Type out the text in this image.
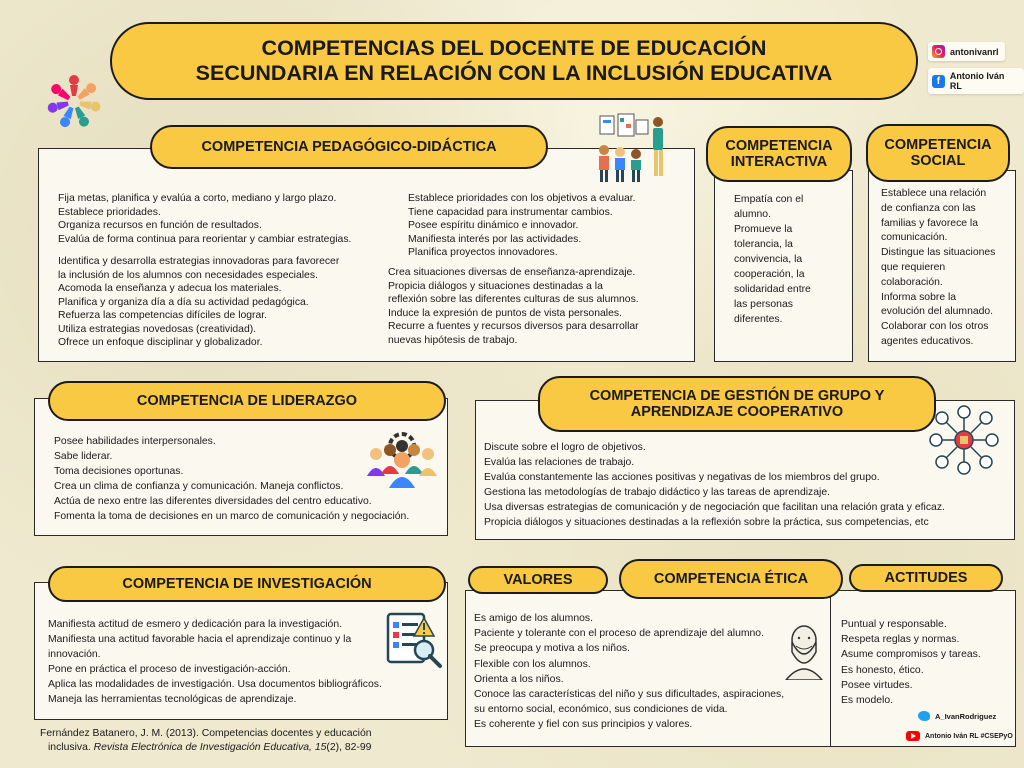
COMPETENCIAS DEL DOCENTE DE EDUCACIÓN
SECUNDARIA EN RELACIÓN CON LA INCLUSIÓN EDUCATIVA
antonivanrl
f	Antonio Iván RL
COMPETENCIA PEDAGÓGICO-DIDÁCTICA
Fija metas, planifica y evalúa a corto, mediano y largo plazo.
Establece prioridades.
Organiza recursos en función de resultados.
Evalúa de forma continua para reorientar y cambiar estrategias.
Identifica y desarrolla estrategias innovadoras para favorecer
la inclusión de los alumnos con necesidades especiales.
Acomoda la enseñanza y adecua los materiales.
Planifica y organiza día a día su actividad pedagógica.
Refuerza las competencias difíciles de lograr.
Utiliza estrategias novedosas (creatividad).
Ofrece un enfoque disciplinar y globalizador.
Establece prioridades con los objetivos a evaluar.
Tiene capacidad para instrumentar cambios.
Posee espíritu dinámico e innovador.
Manifiesta interés por las actividades.
Planifica proyectos innovadores.
Crea situaciones diversas de enseñanza-aprendizaje.
Propicia diálogos y situaciones destinadas a la
reflexión sobre las diferentes culturas de sus alumnos.
Induce la expresión de puntos de vista personales.
Recurre a fuentes y recursos diversos para desarrollar
nuevas hipótesis de trabajo.
COMPETENCIA
INTERACTIVA
Empatía con el
alumno.
Promueve la
tolerancia, la
convivencia, la
cooperación, la
solidaridad entre
las personas
diferentes.
COMPETENCIA
SOCIAL
Establece una relación
de confianza con las
familias y favorece la
comunicación.
Distingue las situaciones
que requieren
colaboración.
Informa sobre la
evolución del alumnado.
Colaborar con los otros
agentes educativos.
COMPETENCIA DE LIDERAZGO
Posee habilidades interpersonales.
Sabe liderar.
Toma decisiones oportunas.
Crea un clima de confianza y comunicación. Maneja conflictos.
Actúa de nexo entre las diferentes diversidades del centro educativo.
Fomenta la toma de decisiones en un marco de comunicación y negociación.
COMPETENCIA DE GESTIÓN DE GRUPO Y
APRENDIZAJE COOPERATIVO
Discute sobre el logro de objetivos.
Evalúa las relaciones de trabajo.
Evalúa constantemente las acciones positivas y negativas de los miembros del grupo.
Gestiona las metodologías de trabajo didáctico y las tareas de aprendizaje.
Usa diversas estrategias de comunicación y de negociación que facilitan una relación grata y eficaz.
Propicia diálogos y situaciones destinadas a la reflexión sobre la práctica, sus competencias, etc
COMPETENCIA DE INVESTIGACIÓN
Manifiesta actitud de esmero y dedicación para la investigación.
Manifiesta una actitud favorable hacia el aprendizaje continuo y la
innovación.
Pone en práctica el proceso de investigación-acción.
Aplica las modalidades de investigación. Usa documentos bibliográficos.
Maneja las herramientas tecnológicas de aprendizaje.
VALORES	COMPETENCIA ÉTICA	ACTITUDES
Es amigo de los alumnos.
Paciente y tolerante con el proceso de aprendizaje del alumno.
Se preocupa y motiva a los niños.
Flexible con los alumnos.
Orienta a los niños.
Conoce las características del niño y sus dificultades, aspiraciones,
su entorno social, económico, sus condiciones de vida.
Es coherente y fiel con sus principios y valores.
Puntual y responsable.
Respeta reglas y normas.
Asume compromisos y tareas.
Es honesto, ético.
Posee virtudes.
Es modelo.
A_IvanRodriguez
Antonio Iván RL #CSEPyO
Fernández Batanero, J. M. (2013). Competencias docentes y educación
inclusiva. Revista Electrónica de Investigación Educativa, 15(2), 82-99
